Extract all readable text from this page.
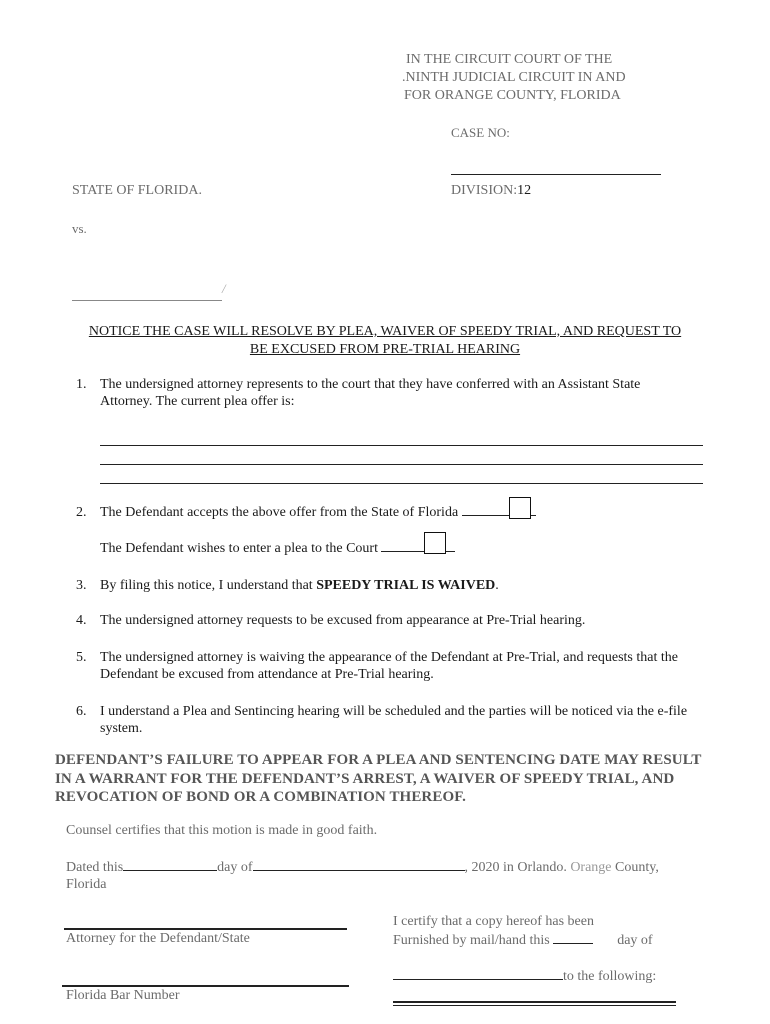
IN THE CIRCUIT COURT OF THE
.NINTH JUDICIAL CIRCUIT IN AND
FOR ORANGE COUNTY, FLORIDA
CASE NO:
STATE OF FLORIDA.	DIVISION:12
vs.
/
NOTICE THE CASE WILL RESOLVE BY PLEA, WAIVER OF SPEEDY TRIAL, AND REQUEST TO
BE EXCUSED FROM PRE-TRIAL HEARING
1. The undersigned attorney represents to the court that they have conferred with an Assistant State Attorney. The current plea offer is:
2. The Defendant accepts the above offer from the State of Florida
The Defendant wishes to enter a plea to the Court
3. By filing this notice, I understand that SPEEDY TRIAL IS WAIVED.
4. The undersigned attorney requests to be excused from appearance at Pre-Trial hearing.
5. The undersigned attorney is waiving the appearance of the Defendant at Pre-Trial, and requests that the Defendant be excused from attendance at Pre-Trial hearing.
6. I understand a Plea and Sentincing hearing will be scheduled and the parties will be noticed via the e-file system.
DEFENDANT’S FAILURE TO APPEAR FOR A PLEA AND SENTENCING DATE MAY RESULT IN A WARRANT FOR THE DEFENDANT’S ARREST, A WAIVER OF SPEEDY TRIAL, AND REVOCATION OF BOND OR A COMBINATION THEREOF.
Counsel certifies that this motion is made in good faith.
Dated this	day of	, 2020 in Orlando. Orange County,
Florida
Attorney for the Defendant/State
Florida Bar Number
I certify that a copy hereof has been
Furnished by mail/hand this	day of
to the following:
